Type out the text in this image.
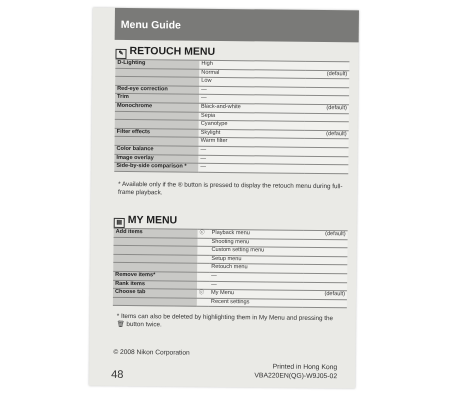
Menu Guide
✎ RETOUCH MENU
D-Lighting	High	
	Normal	(default)
	Low	
Red-eye correction	—	
Trim	—	
Monochrome	Black-and-white	(default)
	Sepia	
	Cyanotype	
Filter effects	Skylight	(default)
	Warm filter	
Color balance	—	
Image overlay	—	
Side-by-side comparison *	—	
* Available only if the ® button is pressed to display the retouch menu during full-frame playback.
▤ MY MENU
Add items	ⓒ	Playback menu	(default)
		Shooting menu	
		Custom setting menu	
		Setup menu	
		Retouch menu	
Remove items*		—	
Rank items		—	
Choose tab	ⓒ	My Menu	(default)
		Recent settings	
* Items can also be deleted by highlighting them in My Menu and pressing the 🗑 button twice.
© 2008 Nikon Corporation
Printed in Hong Kong
VBA220EN(QG)-W9J05-02
48
